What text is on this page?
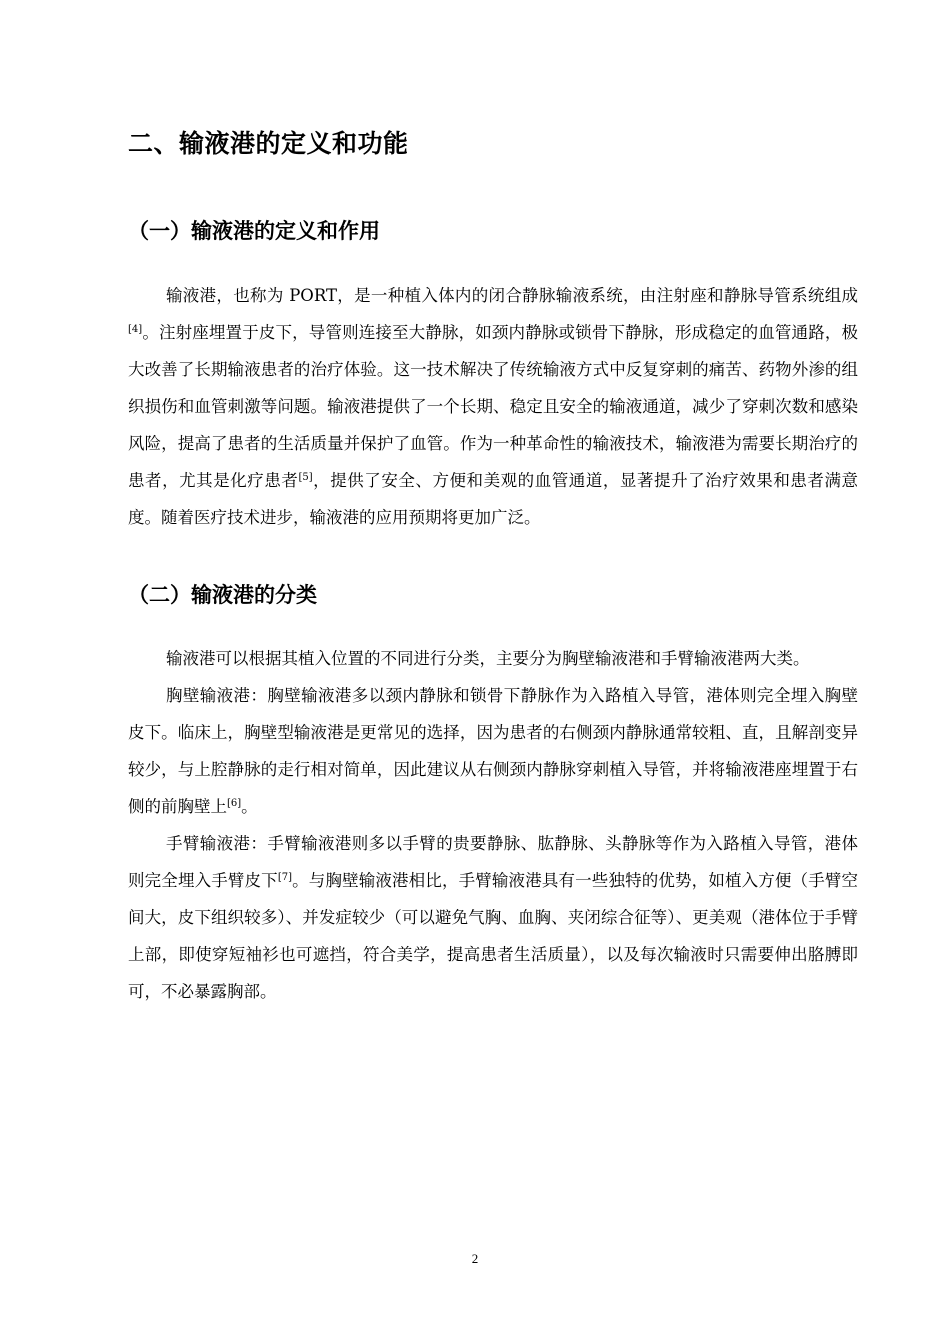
二、输液港的定义和功能
（一）输液港的定义和作用

输液港，也称为 PORT，是一种植入体内的闭合静脉输液系统，由注射座和静脉导管系统组成[4]。注射座埋置于皮下，导管则连接至大静脉，如颈内静脉或锁骨下静脉，形成稳定的血管通路，极大改善了长期输液患者的治疗体验。这一技术解决了传统输液方式中反复穿刺的痛苦、药物外渗的组织损伤和血管刺激等问题。输液港提供了一个长期、稳定且安全的输液通道，减少了穿刺次数和感染风险，提高了患者的生活质量并保护了血管。作为一种革命性的输液技术，输液港为需要长期治疗的患者，尤其是化疗患者[5]，提供了安全、方便和美观的血管通道，显著提升了治疗效果和患者满意度。随着医疗技术进步，输液港的应用预期将更加广泛。

（二）输液港的分类

输液港可以根据其植入位置的不同进行分类，主要分为胸壁输液港和手臂输液港两大类。

胸壁输液港：胸壁输液港多以颈内静脉和锁骨下静脉作为入路植入导管，港体则完全埋入胸壁皮下。临床上，胸壁型输液港是更常见的选择，因为患者的右侧颈内静脉通常较粗、直，且解剖变异较少，与上腔静脉的走行相对简单，因此建议从右侧颈内静脉穿刺植入导管，并将输液港座埋置于右侧的前胸壁上[6]。

手臂输液港：手臂输液港则多以手臂的贵要静脉、肱静脉、头静脉等作为入路植入导管，港体则完全埋入手臂皮下[7]。与胸壁输液港相比，手臂输液港具有一些独特的优势，如植入方便（手臂空间大，皮下组织较多）、并发症较少（可以避免气胸、血胸、夹闭综合征等）、更美观（港体位于手臂上部，即使穿短袖衫也可遮挡，符合美学，提高患者生活质量），以及每次输液时只需要伸出胳膊即可，不必暴露胸部。

2
